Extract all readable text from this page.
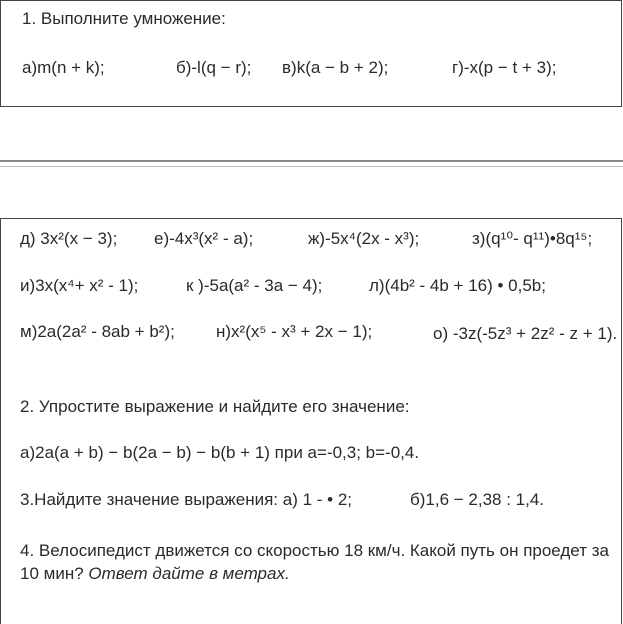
1. Выполните умножение:
а)m(n + k);	б)-l(q − r); в)k(a − b + 2);	г)-x(p − t + 3);
д) 3x²(x − 3); е)-4x³(x² - a);	ж)-5x⁴(2x - x³);	з)(q¹⁰- q¹¹)•8q¹⁵;
и)3x(x⁴+ x² - 1);	к )-5a(a² - 3a − 4);	л)(4b² - 4b + 16) • 0,5b;
м)2a(2a² - 8ab + b²); н)x²(x⁵ - x³ + 2x − 1);	о) -3z(-5z³ + 2z² - z + 1).
2. Упростите выражение и найдите его значение:
а)2a(a + b) − b(2a − b) − b(b + 1) при a=-0,3; b=-0,4.
3.Найдите значение выражения: а) 1 - • 2;	б)1,6 − 2,38 : 1,4.
4. Велосипедист движется со скоростью 18 км/ч. Какой путь он проедет за 10 мин? Ответ дайте в метрах.
